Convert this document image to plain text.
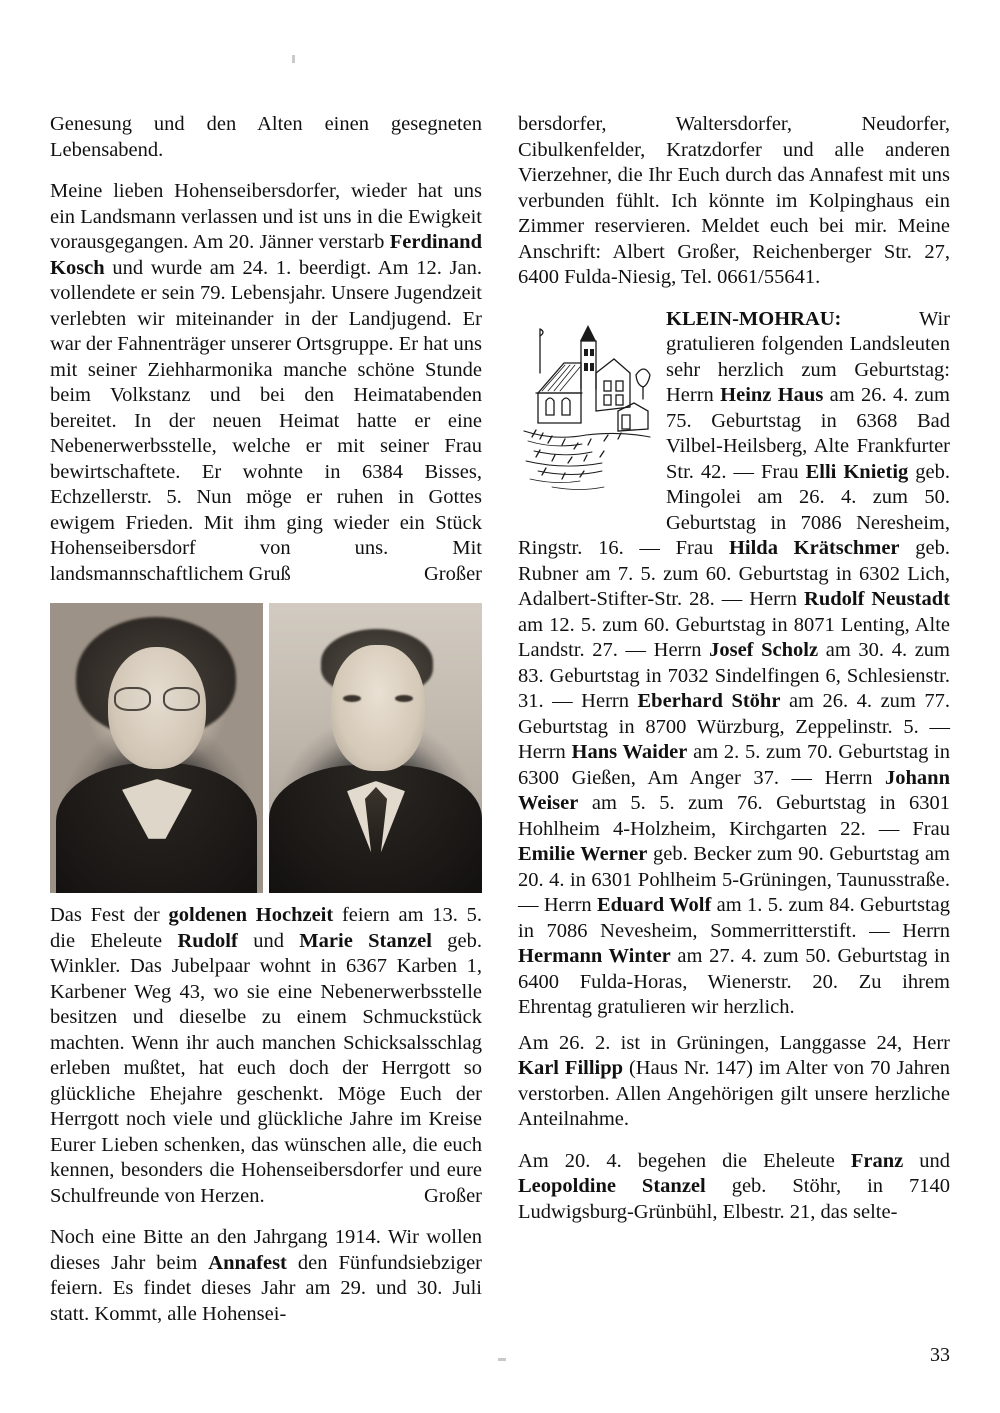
Genesung und den Alten einen gesegneten Lebensabend.

Meine lieben Hohenseibersdorfer, wieder hat uns ein Landsmann verlassen und ist uns in die Ewigkeit vorausgegangen. Am 20. Jänner verstarb Ferdinand Kosch und wurde am 24. 1. beerdigt. Am 12. Jan. vollendete er sein 79. Lebensjahr. Unsere Jugendzeit verlebten wir miteinander in der Landjugend. Er war der Fahnenträger unserer Ortsgruppe. Er hat uns mit seiner Ziehharmonika manche schöne Stunde beim Volkstanz und bei den Heimatabenden bereitet. In der neuen Heimat hatte er eine Nebenerwerbsstelle, welche er mit seiner Frau bewirtschaftete. Er wohnte in 6384 Bisses, Echzellerstr. 5. Nun möge er ruhen in Gottes ewigem Frieden. Mit ihm ging wieder ein Stück Hohenseibersdorf von uns. Mit landsmannschaftlichem Gruß	Großer

Das Fest der goldenen Hochzeit feiern am 13. 5. die Eheleute Rudolf und Marie Stanzel geb. Winkler. Das Jubelpaar wohnt in 6367 Karben 1, Karbener Weg 43, wo sie eine Nebenerwerbsstelle besitzen und dieselbe zu einem Schmuckstück machten. Wenn ihr auch manchen Schicksalsschlag erleben mußtet, hat euch doch der Herrgott so glückliche Ehejahre geschenkt. Möge Euch der Herrgott noch viele und glückliche Jahre im Kreise Eurer Lieben schenken, das wünschen alle, die euch kennen, besonders die Hohenseibersdorfer und eure Schulfreunde von Herzen.	Großer

Noch eine Bitte an den Jahrgang 1914. Wir wollen dieses Jahr beim Annafest den Fünfundsiebziger feiern. Es findet dieses Jahr am 29. und 30. Juli statt. Kommt, alle Hohensei-

bersdorfer, Waltersdorfer, Neudorfer, Cibulkenfelder, Kratzdorfer und alle anderen Vierzehner, die Ihr Euch durch das Annafest mit uns verbunden fühlt. Ich könnte im Kolpinghaus ein Zimmer reservieren. Meldet euch bei mir. Meine Anschrift: Albert Großer, Reichenberger Str. 27, 6400 Fulda-Niesig, Tel. 0661/55641.

KLEIN-MOHRAU:	Wir gratulieren folgenden Landsleuten sehr herzlich zum Geburtstag: Herrn Heinz Haus am 26. 4. zum 75. Geburtstag in 6368 Bad Vilbel-Heilsberg, Alte Frankfurter Str. 42. — Frau Elli Knietig geb. Mingolei am 26. 4. zum 50. Geburtstag in 7086 Neresheim, Ringstr. 16. — Frau Hilda Krätschmer geb. Rubner am 7. 5. zum 60. Geburtstag in 6302 Lich, Adalbert-Stifter-Str. 28. — Herrn Rudolf Neustadt am 12. 5. zum 60. Geburtstag in 8071 Lenting, Alte Landstr. 27. — Herrn Josef Scholz am 30. 4. zum 83. Geburtstag in 7032 Sindelfingen 6, Schlesienstr. 31. — Herrn Eberhard Stöhr am 26. 4. zum 77. Geburtstag in 8700 Würzburg, Zeppelinstr. 5. — Herrn Hans Waider am 2. 5. zum 70. Geburtstag in 6300 Gießen, Am Anger 37. — Herrn Johann Weiser am 5. 5. zum 76. Geburtstag in 6301 Hohlheim 4-Holzheim, Kirchgarten 22. — Frau Emilie Werner geb. Becker zum 90. Geburtstag am 20. 4. in 6301 Pohlheim 5-Grüningen, Taunusstraße. — Herrn Eduard Wolf am 1. 5. zum 84. Geburtstag in 7086 Nevesheim, Sommerritterstift. — Herrn Hermann Winter am 27. 4. zum 50. Geburtstag in 6400 Fulda-Horas, Wienerstr. 20. Zu ihrem Ehrentag gratulieren wir herzlich.

Am 26. 2. ist in Grüningen, Langgasse 24, Herr Karl Fillipp (Haus Nr. 147) im Alter von 70 Jahren verstorben. Allen Angehörigen gilt unsere herzliche Anteilnahme.

Am 20. 4. begehen die Eheleute Franz und Leopoldine Stanzel geb. Stöhr, in 7140 Ludwigsburg-Grünbühl, Elbestr. 21, das selte-

33
